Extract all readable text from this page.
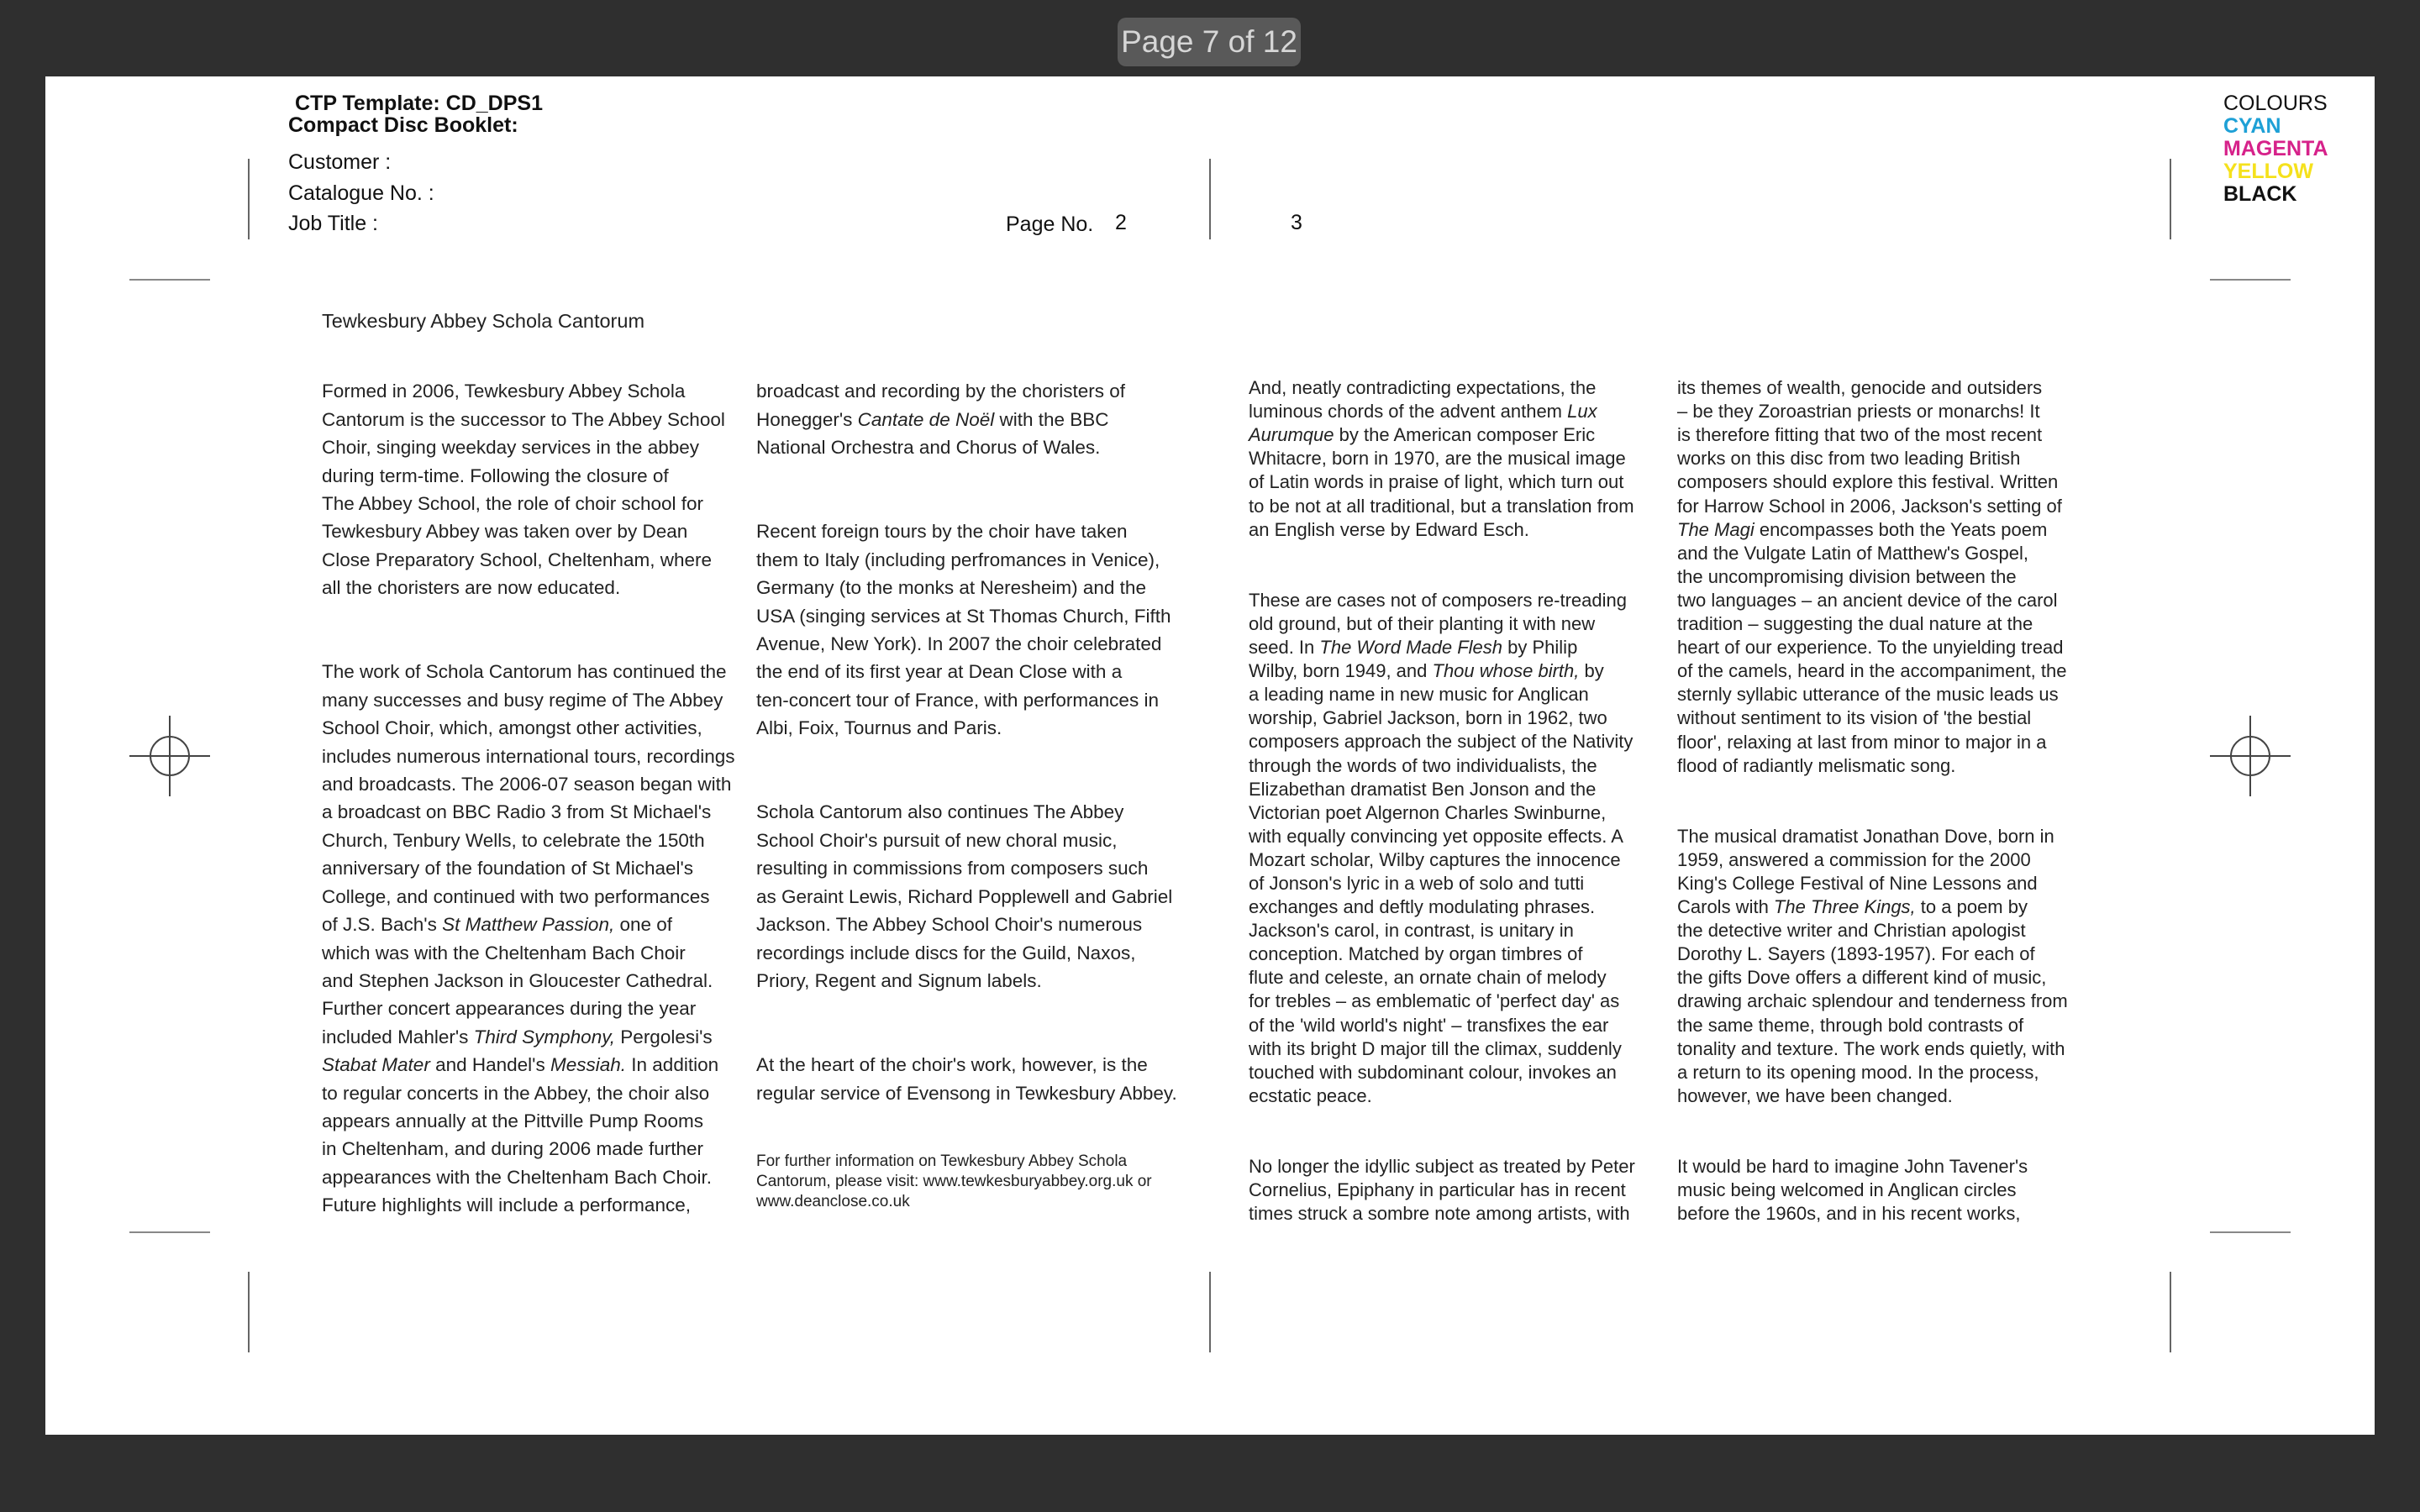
Page 7 of 12
CTP Template: CD_DPS1
Compact Disc Booklet:
Customer :
Catalogue No. :
Job Title :	Page No. 2	3
COLOURS
CYAN
MAGENTA
YELLOW
BLACK
Tewkesbury Abbey Schola Cantorum

Formed in 2006, Tewkesbury Abbey Schola
Cantorum is the successor to The Abbey School
Choir, singing weekday services in the abbey
during term-time. Following the closure of
The Abbey School, the role of choir school for
Tewkesbury Abbey was taken over by Dean
Close Preparatory School, Cheltenham, where
all the choristers are now educated.

The work of Schola Cantorum has continued the
many successes and busy regime of The Abbey
School Choir, which, amongst other activities,
includes numerous international tours, recordings
and broadcasts. The 2006-07 season began with
a broadcast on BBC Radio 3 from St Michael's
Church, Tenbury Wells, to celebrate the 150th
anniversary of the foundation of St Michael's
College, and continued with two performances
of J.S. Bach's St Matthew Passion, one of
which was with the Cheltenham Bach Choir
and Stephen Jackson in Gloucester Cathedral.
Further concert appearances during the year
included Mahler's Third Symphony, Pergolesi's
Stabat Mater and Handel's Messiah. In addition
to regular concerts in the Abbey, the choir also
appears annually at the Pittville Pump Rooms
in Cheltenham, and during 2006 made further
appearances with the Cheltenham Bach Choir.
Future highlights will include a performance,

broadcast and recording by the choristers of
Honegger's Cantate de Noël with the BBC
National Orchestra and Chorus of Wales.

Recent foreign tours by the choir have taken
them to Italy (including perfromances in Venice),
Germany (to the monks at Neresheim) and the
USA (singing services at St Thomas Church, Fifth
Avenue, New York). In 2007 the choir celebrated
the end of its first year at Dean Close with a
ten-concert tour of France, with performances in
Albi, Foix, Tournus and Paris.

Schola Cantorum also continues The Abbey
School Choir's pursuit of new choral music,
resulting in commissions from composers such
as Geraint Lewis, Richard Popplewell and Gabriel
Jackson. The Abbey School Choir's numerous
recordings include discs for the Guild, Naxos,
Priory, Regent and Signum labels.

At the heart of the choir's work, however, is the
regular service of Evensong in Tewkesbury Abbey.

For further information on Tewkesbury Abbey Schola
Cantorum, please visit: www.tewkesburyabbey.org.uk or
www.deanclose.co.uk

And, neatly contradicting expectations, the
luminous chords of the advent anthem Lux
Aurumque by the American composer Eric
Whitacre, born in 1970, are the musical image
of Latin words in praise of light, which turn out
to be not at all traditional, but a translation from
an English verse by Edward Esch.

These are cases not of composers re-treading
old ground, but of their planting it with new
seed. In The Word Made Flesh by Philip
Wilby, born 1949, and Thou whose birth, by
a leading name in new music for Anglican
worship, Gabriel Jackson, born in 1962, two
composers approach the subject of the Nativity
through the words of two individualists, the
Elizabethan dramatist Ben Jonson and the
Victorian poet Algernon Charles Swinburne,
with equally convincing yet opposite effects. A
Mozart scholar, Wilby captures the innocence
of Jonson's lyric in a web of solo and tutti
exchanges and deftly modulating phrases.
Jackson's carol, in contrast, is unitary in
conception. Matched by organ timbres of
flute and celeste, an ornate chain of melody
for trebles – as emblematic of 'perfect day' as
of the 'wild world's night' – transfixes the ear
with its bright D major till the climax, suddenly
touched with subdominant colour, invokes an
ecstatic peace.

No longer the idyllic subject as treated by Peter
Cornelius, Epiphany in particular has in recent
times struck a sombre note among artists, with

its themes of wealth, genocide and outsiders
– be they Zoroastrian priests or monarchs! It
is therefore fitting that two of the most recent
works on this disc from two leading British
composers should explore this festival. Written
for Harrow School in 2006, Jackson's setting of
The Magi encompasses both the Yeats poem
and the Vulgate Latin of Matthew's Gospel,
the uncompromising division between the
two languages – an ancient device of the carol
tradition – suggesting the dual nature at the
heart of our experience. To the unyielding tread
of the camels, heard in the accompaniment, the
sternly syllabic utterance of the music leads us
without sentiment to its vision of 'the bestial
floor', relaxing at last from minor to major in a
flood of radiantly melismatic song.

The musical dramatist Jonathan Dove, born in
1959, answered a commission for the 2000
King's College Festival of Nine Lessons and
Carols with The Three Kings, to a poem by
the detective writer and Christian apologist
Dorothy L. Sayers (1893-1957). For each of
the gifts Dove offers a different kind of music,
drawing archaic splendour and tenderness from
the same theme, through bold contrasts of
tonality and texture. The work ends quietly, with
a return to its opening mood. In the process,
however, we have been changed.

It would be hard to imagine John Tavener's
music being welcomed in Anglican circles
before the 1960s, and in his recent works,
